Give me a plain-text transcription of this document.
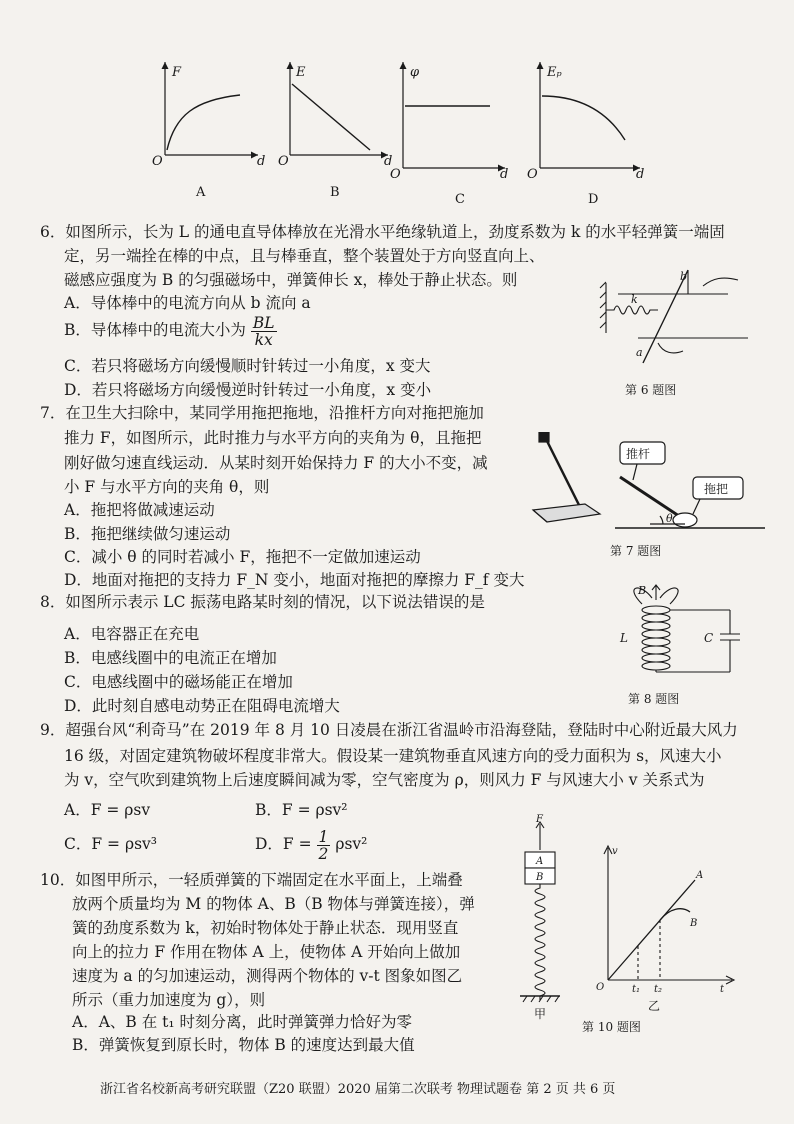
F
O	d
E
O	d
φ
O	d
Eₚ
O	d
A	B	C	D
6．如图所示，长为 L 的通电直导体棒放在光滑水平绝缘轨道上，劲度系数为 k 的水平轻弹簧一端固
定，另一端拴在棒的中点，且与棒垂直，整个装置处于方向竖直向上、
磁感应强度为 B 的匀强磁场中，弹簧伸长 x，棒处于静止状态。则
A．导体棒中的电流方向从 b 流向 a
B．导体棒中的电流大小为 $\frac{BL}{kx}$
C．若只将磁场方向缓慢顺时针转过一小角度，x 变大
D．若只将磁场方向缓慢逆时针转过一小角度，x 变小
k
b
a
第 6 题图
7．在卫生大扫除中，某同学用拖把拖地，沿推杆方向对拖把施加
推力 F，如图所示，此时推力与水平方向的夹角为 θ，且拖把
刚好做匀速直线运动．从某时刻开始保持力 F 的大小不变，减
小 F 与水平方向的夹角 θ，则
A．拖把将做减速运动
B．拖把继续做匀速运动
C．减小 θ 的同时若减小 F，拖把不一定做加速运动
D．地面对拖把的支持力 F_N 变小，地面对拖把的摩擦力 F_f 变大
推杆
拖把
θ
第 7 题图
8．如图所示表示 LC 振荡电路某时刻的情况，以下说法错误的是
A．电容器正在充电
B．电感线圈中的电流正在增加
C．电感线圈中的磁场能正在增加
D．此时刻自感电动势正在阻碍电流增大
B
L	C
第 8 题图
9．超强台风“利奇马”在 2019 年 8 月 10 日凌晨在浙江省温岭市沿海登陆，登陆时中心附近最大风力
16 级，对固定建筑物破坏程度非常大。假设某一建筑物垂直风速方向的受力面积为 s，风速大小
为 v，空气吹到建筑物上后速度瞬间减为零，空气密度为 ρ，则风力 F 与风速大小 v 关系式为
A．F = ρsv	B．F = ρsv²
C．F = ρsv³	D．$F = \frac{1}{2} \rho sv^2$
10．如图甲所示，一轻质弹簧的下端固定在水平面上，上端叠
放两个质量均为 M 的物体 A、B（B 物体与弹簧连接），弹
簧的劲度系数为 k，初始时物体处于静止状态．现用竖直
向上的拉力 F 作用在物体 A 上，使物体 A 开始向上做加
速度为 a 的匀加速运动，测得两个物体的 v-t 图象如图乙
所示（重力加速度为 g），则
A．A、B 在 t₁ 时刻分离，此时弹簧弹力恰好为零
B．弹簧恢复到原长时，物体 B 的速度达到最大值
F
A
B
甲
v
t
O
A
B
t₁ t₂
乙
第 10 题图
浙江省名校新高考研究联盟（Z20 联盟）2020 届第二次联考 物理试题卷 第 2 页 共 6 页
